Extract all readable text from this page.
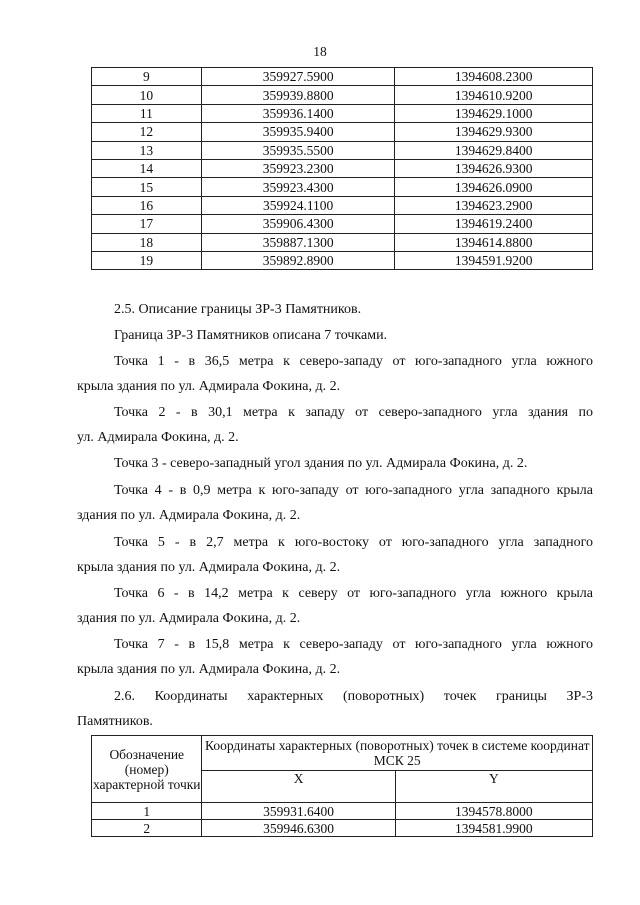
18
9	359927.5900	1394608.2300
10	359939.8800	1394610.9200
11	359936.1400	1394629.1000
12	359935.9400	1394629.9300
13	359935.5500	1394629.8400
14	359923.2300	1394626.9300
15	359923.4300	1394626.0900
16	359924.1100	1394623.2900
17	359906.4300	1394619.2400
18	359887.1300	1394614.8800
19	359892.8900	1394591.9200

2.5. Описание границы ЗР-3 Памятников.

Граница ЗР-3 Памятников описана 7 точками.

Точка 1 - в 36,5 метра к северо-западу от юго-западного угла южного
крыла здания по ул. Адмирала Фокина, д. 2.

Точка 2 - в 30,1 метра к западу от северо-западного угла здания по
ул. Адмирала Фокина, д. 2.

Точка 3 - северо-западный угол здания по ул. Адмирала Фокина, д. 2.

Точка 4 - в 0,9 метра к юго-западу от юго-западного угла западного крыла
здания по ул. Адмирала Фокина, д. 2.

Точка 5 - в 2,7 метра к юго-востоку от юго-западного угла западного
крыла здания по ул. Адмирала Фокина, д. 2.

Точка 6 - в 14,2 метра к северу от юго-западного угла южного крыла
здания по ул. Адмирала Фокина, д. 2.

Точка 7 - в 15,8 метра к северо-западу от юго-западного угла южного
крыла здания по ул. Адмирала Фокина, д. 2.

2.6. Координаты характерных (поворотных) точек границы ЗР-3
Памятников.

Обозначение (номер) характерной точки	Координаты характерных (поворотных) точек в системе координат МСК 25	
	X	Y
1	359931.6400	1394578.8000
2	359946.6300	1394581.9900
